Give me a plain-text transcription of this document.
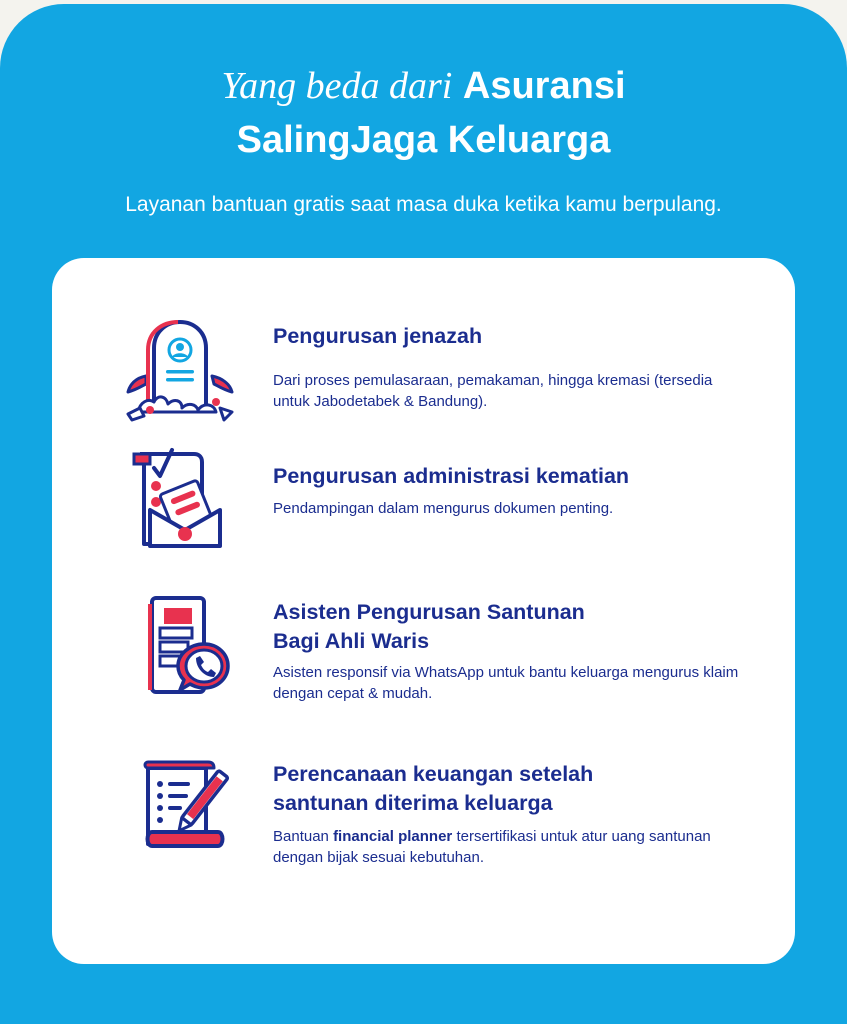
Yang beda dari Asuransi
SalingJaga Keluarga
Layanan bantuan gratis saat masa duka ketika kamu berpulang.
Pengurusan jenazah
Dari proses pemulasaraan, pemakaman, hingga kremasi (tersedia untuk Jabodetabek & Bandung).
Pengurusan administrasi kematian
Pendampingan dalam mengurus dokumen penting.
Asisten Pengurusan Santunan
Bagi Ahli Waris
Asisten responsif via WhatsApp untuk bantu keluarga mengurus klaim dengan cepat & mudah.
Perencanaan keuangan setelah
santunan diterima keluarga
Bantuan financial planner tersertifikasi untuk atur uang santunan dengan bijak sesuai kebutuhan.
